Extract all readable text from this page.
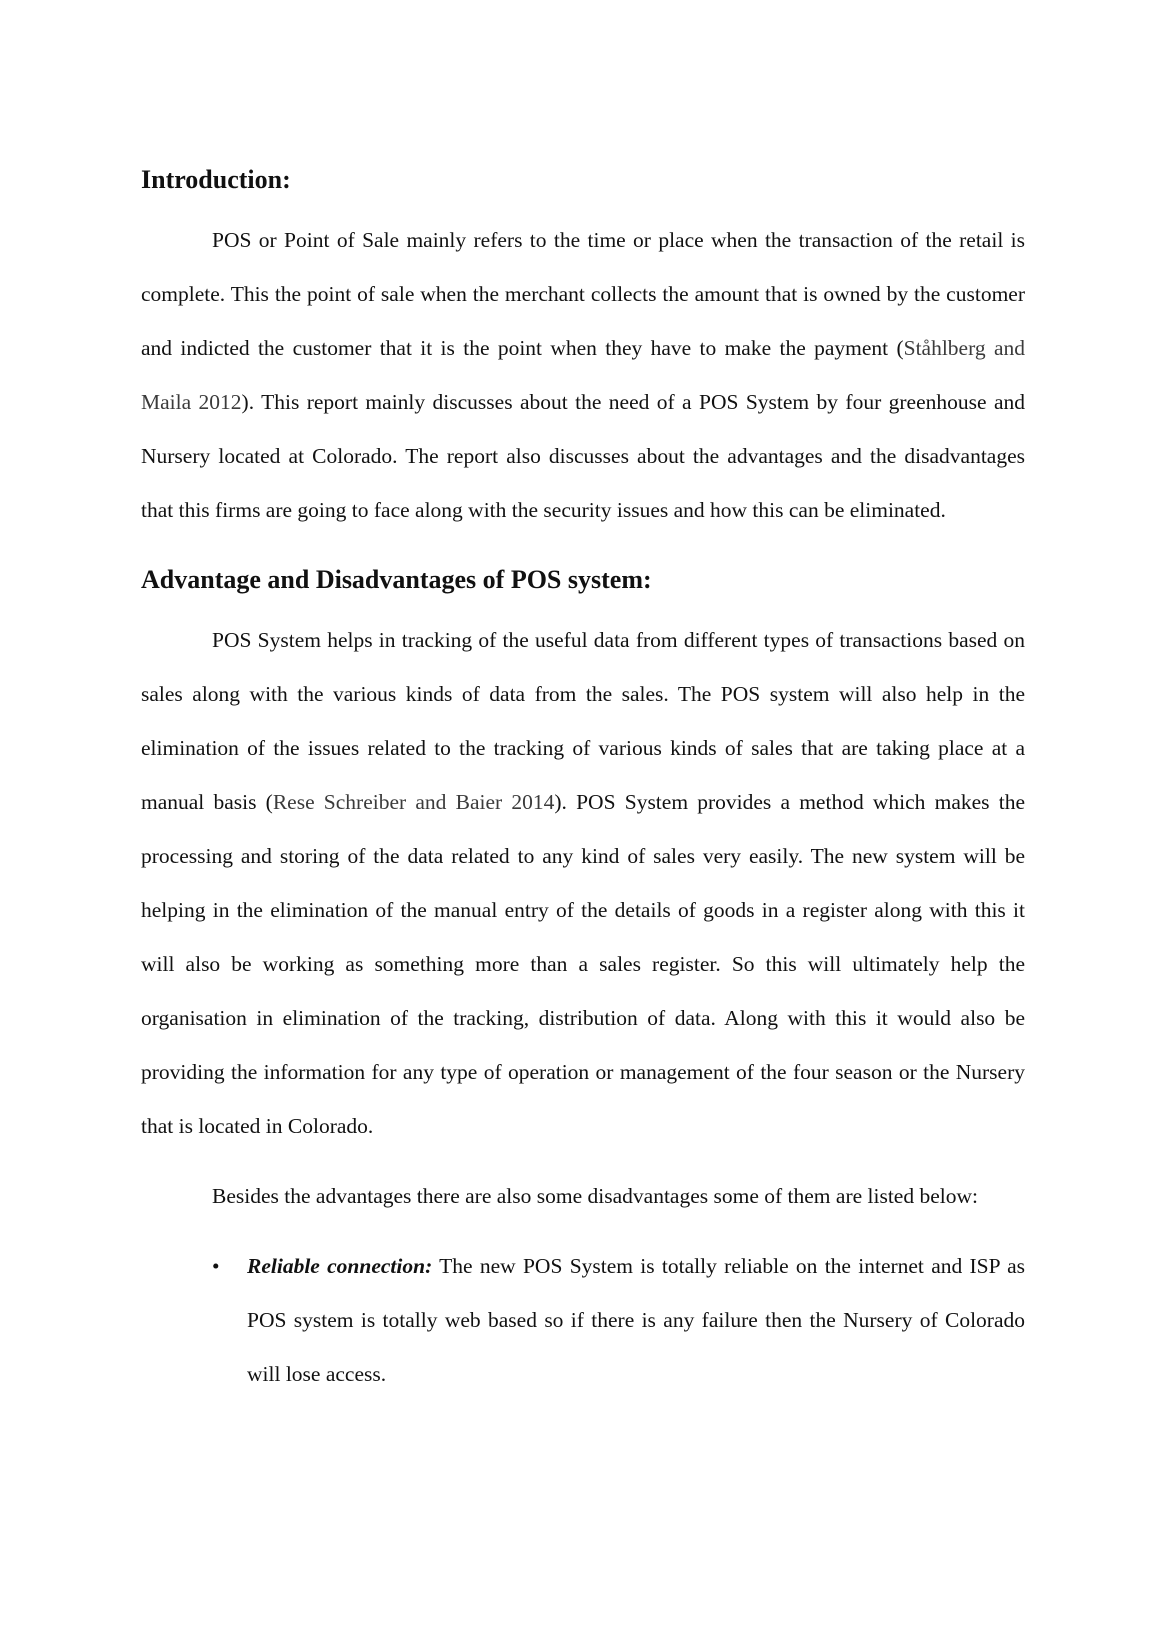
Introduction:

POS or Point of Sale mainly refers to the time or place when the transaction of the retail is complete. This the point of sale when the merchant collects the amount that is owned by the customer and indicted the customer that it is the point when they have to make the payment (Ståhlberg and Maila 2012). This report mainly discusses about the need of a POS System by four greenhouse and Nursery located at Colorado. The report also discusses about the advantages and the disadvantages that this firms are going to face along with the security issues and how this can be eliminated.

Advantage and Disadvantages of POS system:

POS System helps in tracking of the useful data from different types of transactions based on sales along with the various kinds of data from the sales. The POS system will also help in the elimination of the issues related to the tracking of various kinds of sales that are taking place at a manual basis (Rese Schreiber and Baier 2014). POS System provides a method which makes the processing and storing of the data related to any kind of sales very easily. The new system will be helping in the elimination of the manual entry of the details of goods in a register along with this it will also be working as something more than a sales register. So this will ultimately help the organisation in elimination of the tracking, distribution of data. Along with this it would also be providing the information for any type of operation or management of the four season or the Nursery that is located in Colorado.

Besides the advantages there are also some disadvantages some of them are listed below:

• Reliable connection: The new POS System is totally reliable on the internet and ISP as POS system is totally web based so if there is any failure then the Nursery of Colorado will lose access.
